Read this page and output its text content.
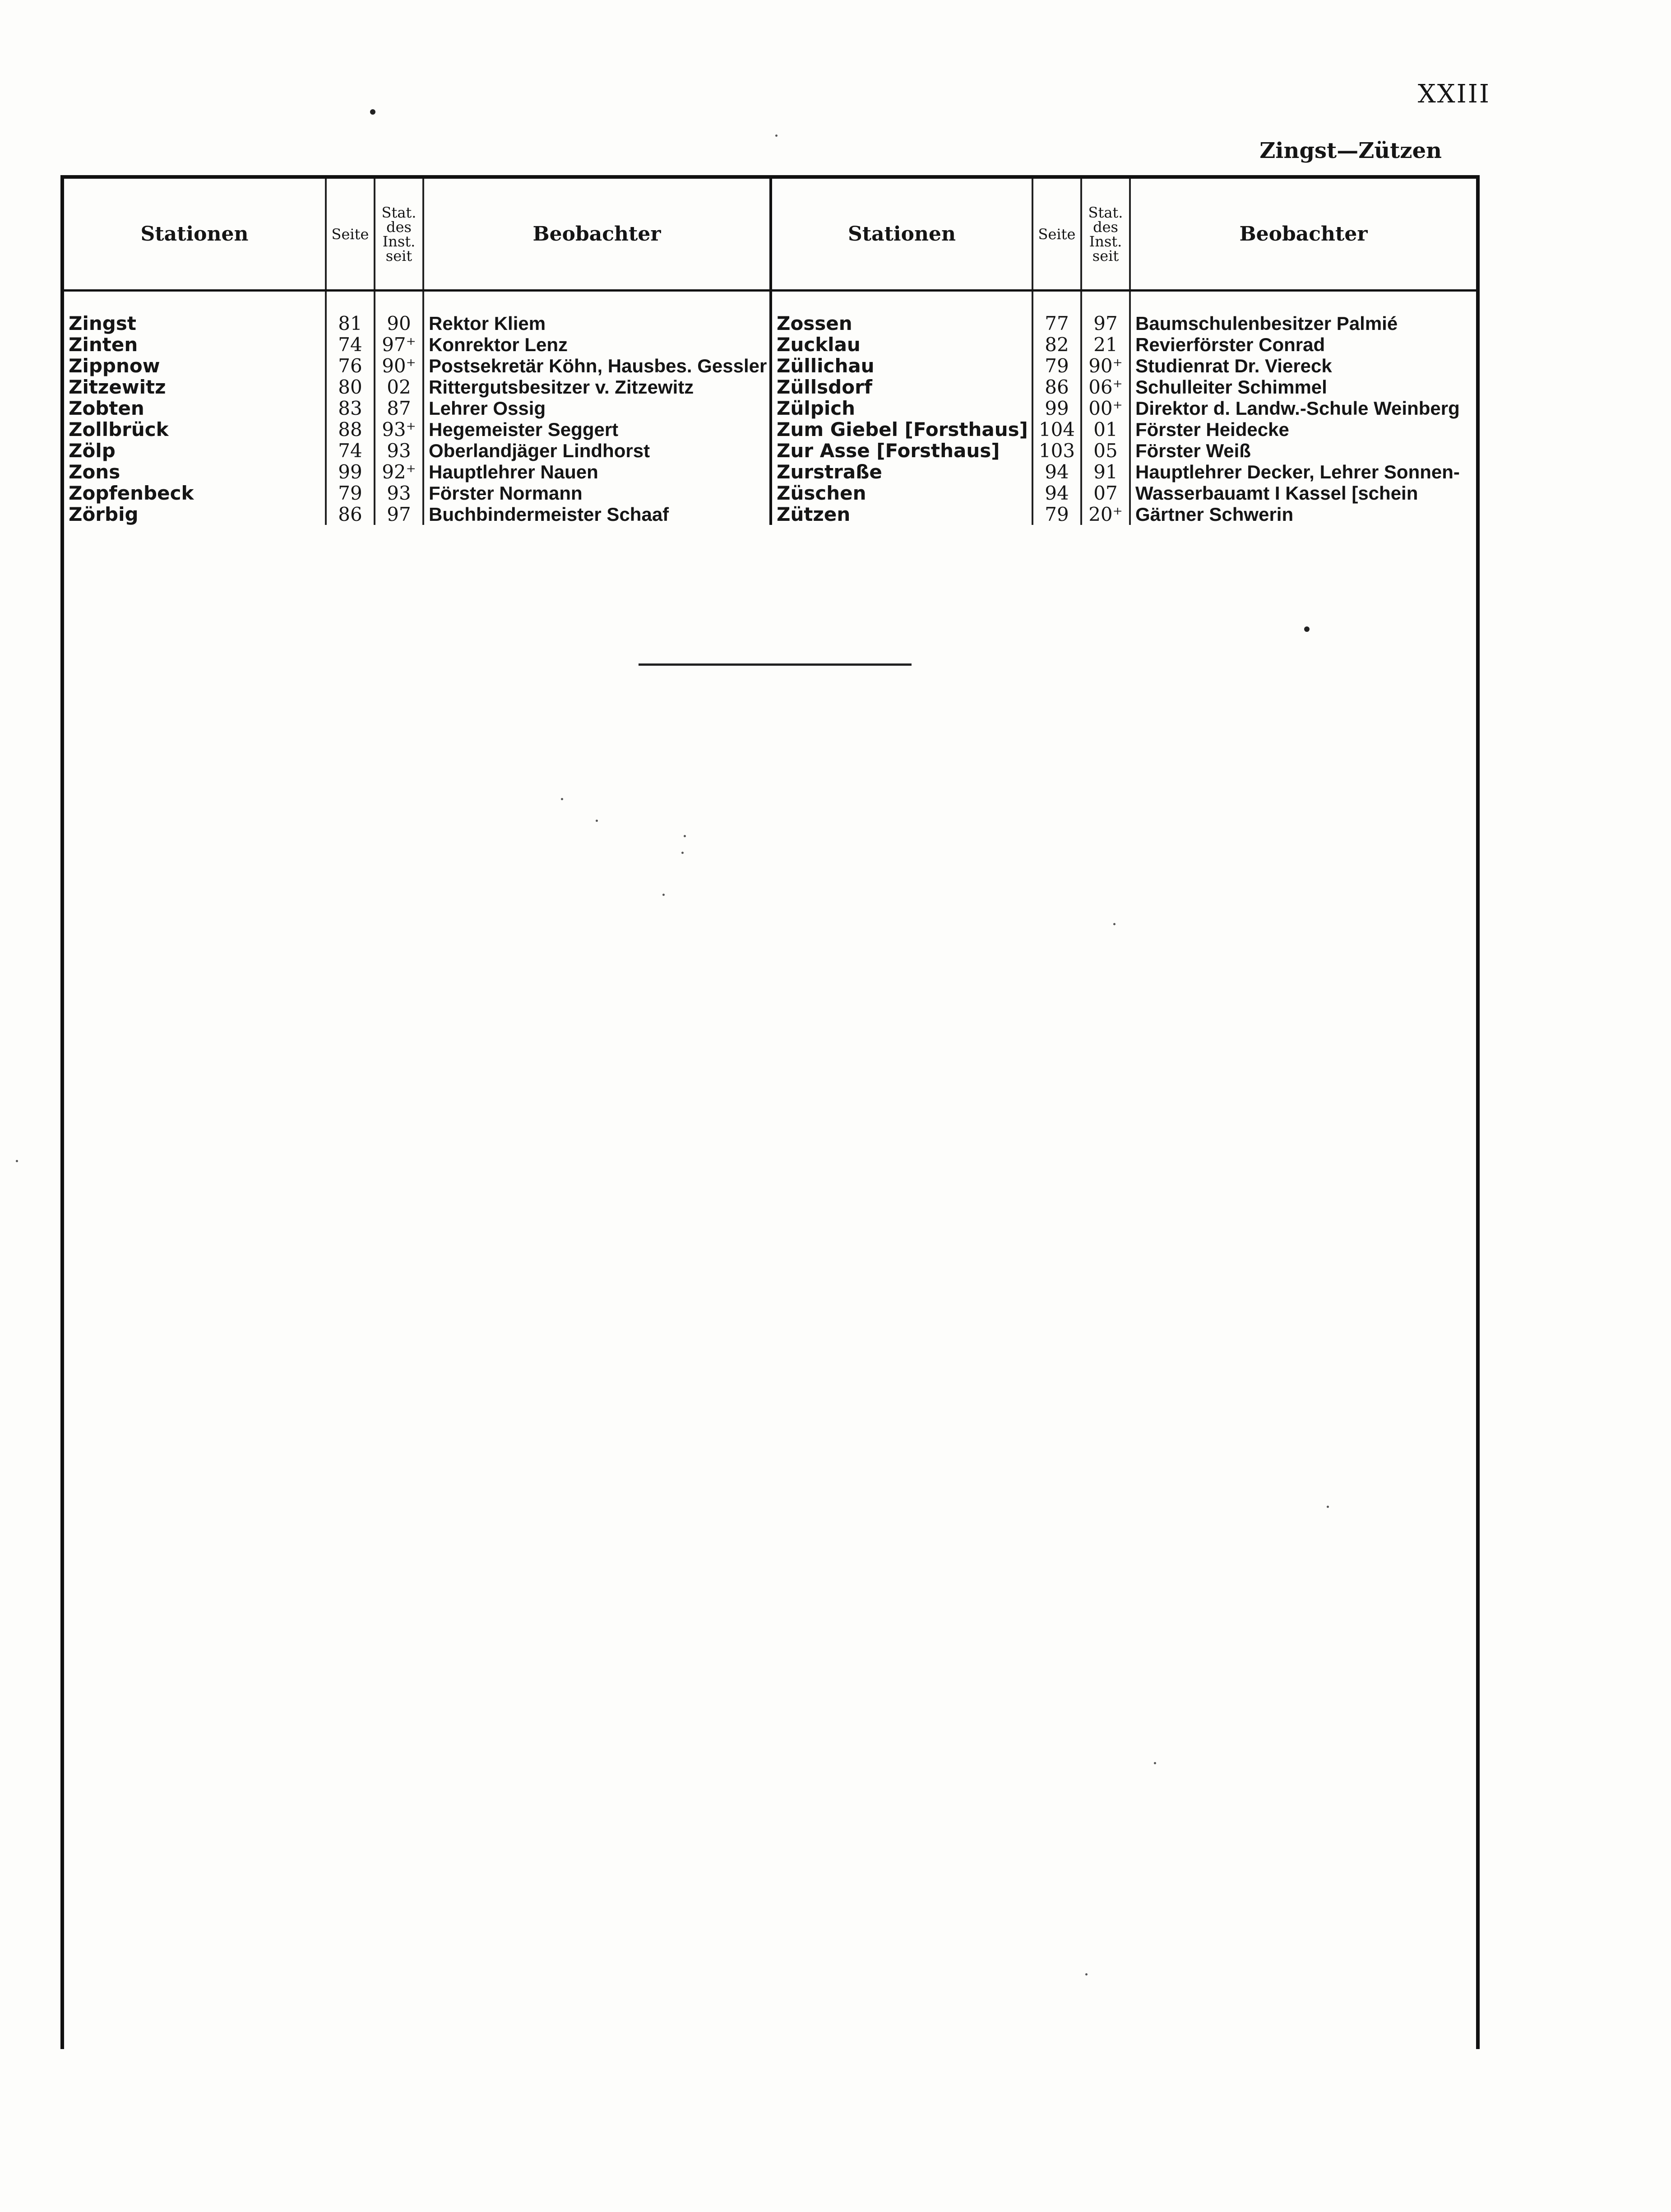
XXIII
Zingst—Zützen
Stationen	Seite	Stat.
des
Inst.
seit	Beobachter	Stationen	Seite	Stat.
des
Inst.
seit	Beobachter

Zingst	81	90	Rektor Kliem	Zossen	77	97	Baumschulenbesitzer Palmié
Zinten	74	97⁺	Konrektor Lenz	Zucklau	82	21	Revierförster Conrad
Zippnow	76	90⁺	Postsekretär Köhn, Hausbes. Gessler	Züllichau	79	90⁺	Studienrat Dr. Viereck
Zitzewitz	80	02	Rittergutsbesitzer v. Zitzewitz	Züllsdorf	86	06⁺	Schulleiter Schimmel
Zobten	83	87	Lehrer Ossig	Zülpich	99	00⁺	Direktor d. Landw.-Schule Weinberg
Zollbrück	88	93⁺	Hegemeister Seggert	Zum Giebel [Forsthaus]	104	01	Förster Heidecke
Zölp	74	93	Oberlandjäger Lindhorst	Zur Asse [Forsthaus]	103	05	Förster Weiß
Zons	99	92⁺	Hauptlehrer Nauen	Zurstraße	94	91	Hauptlehrer Decker, Lehrer Sonnen-
Zopfenbeck	79	93	Förster Normann	Züschen	94	07	Wasserbauamt I Kassel [schein
Zörbig	86	97	Buchbindermeister Schaaf	Zützen	79	20⁺	Gärtner Schwerin
